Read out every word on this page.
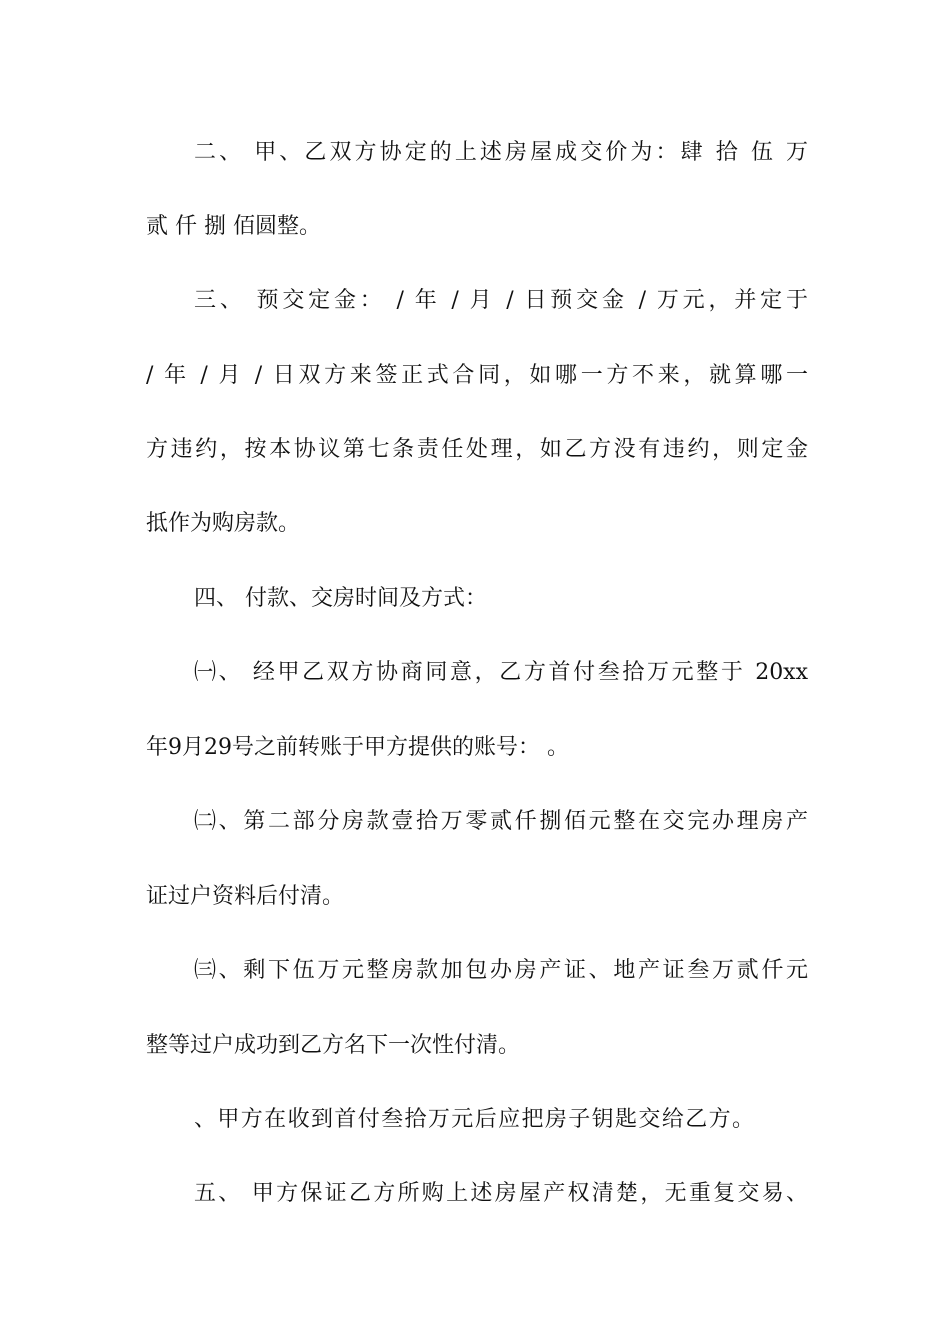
二、 甲、乙双方协定的上述房屋成交价为：肆 拾 伍 万
贰 仟 捌 佰圆整。
三、 预交定金： / 年 / 月 / 日预交金 / 万元，并定于
/ 年 / 月 / 日双方来签正式合同，如哪一方不来，就算哪一
方违约，按本协议第七条责任处理，如乙方没有违约，则定金
抵作为购房款。
四、 付款、交房时间及方式：
㈠、 经甲乙双方协商同意，乙方首付叁拾万元整于 20xx
年9月29号之前转账于甲方提供的账号： 。
㈡、第二部分房款壹拾万零贰仟捌佰元整在交完办理房产
证过户资料后付清。
㈢、剩下伍万元整房款加包办房产证、地产证叁万贰仟元
整等过户成功到乙方名下一次性付清。
、甲方在收到首付叁拾万元后应把房子钥匙交给乙方。
五、 甲方保证乙方所购上述房屋产权清楚，无重复交易、
